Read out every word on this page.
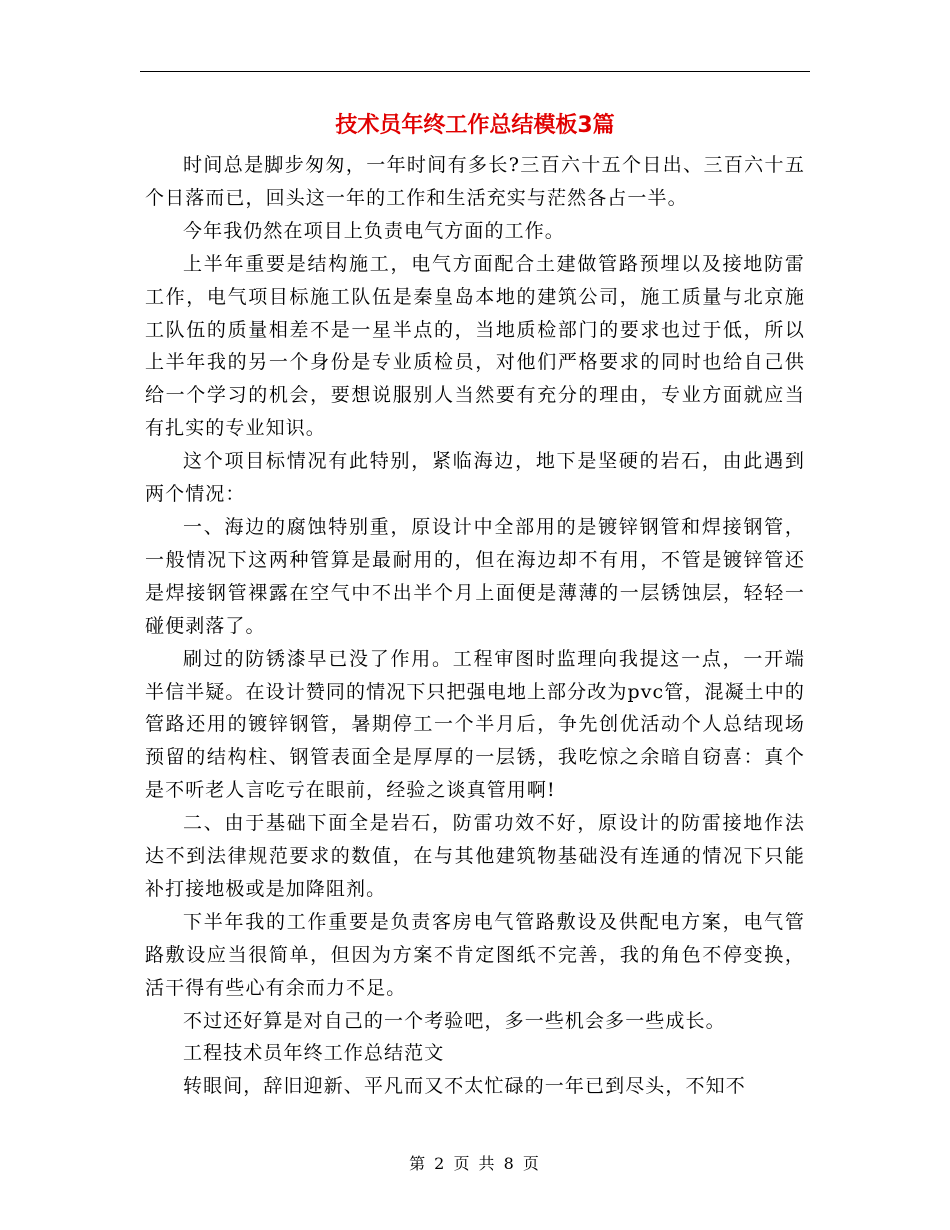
技术员年终工作总结模板3篇

时间总是脚步匆匆，一年时间有多长?三百六十五个日出、三百六十五个日落而已，回头这一年的工作和生活充实与茫然各占一半。

今年我仍然在项目上负责电气方面的工作。

上半年重要是结构施工，电气方面配合土建做管路预埋以及接地防雷工作，电气项目标施工队伍是秦皇岛本地的建筑公司，施工质量与北京施工队伍的质量相差不是一星半点的，当地质检部门的要求也过于低，所以上半年我的另一个身份是专业质检员，对他们严格要求的同时也给自己供给一个学习的机会，要想说服别人当然要有充分的理由，专业方面就应当有扎实的专业知识。

这个项目标情况有此特别，紧临海边，地下是坚硬的岩石，由此遇到两个情况：

一、海边的腐蚀特别重，原设计中全部用的是镀锌钢管和焊接钢管，一般情况下这两种管算是最耐用的，但在海边却不有用，不管是镀锌管还是焊接钢管裸露在空气中不出半个月上面便是薄薄的一层锈蚀层，轻轻一碰便剥落了。

刷过的防锈漆早已没了作用。工程审图时监理向我提这一点，一开端半信半疑。在设计赞同的情况下只把强电地上部分改为pvc管，混凝土中的管路还用的镀锌钢管，暑期停工一个半月后，争先创优活动个人总结现场预留的结构柱、钢管表面全是厚厚的一层锈，我吃惊之余暗自窃喜：真个是不听老人言吃亏在眼前，经验之谈真管用啊!

二、由于基础下面全是岩石，防雷功效不好，原设计的防雷接地作法达不到法律规范要求的数值，在与其他建筑物基础没有连通的情况下只能补打接地极或是加降阻剂。

下半年我的工作重要是负责客房电气管路敷设及供配电方案，电气管路敷设应当很简单，但因为方案不肯定图纸不完善，我的角色不停变换，活干得有些心有余而力不足。

不过还好算是对自己的一个考验吧，多一些机会多一些成长。

工程技术员年终工作总结范文

转眼间，辞旧迎新、平凡而又不太忙碌的一年已到尽头，不知不

第 2 页 共 8 页
